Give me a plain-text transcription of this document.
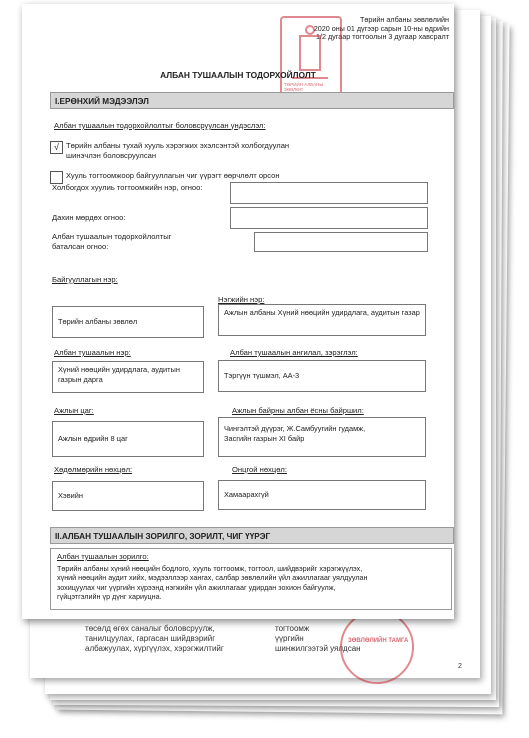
төсөлд өгөх саналыг боловсруулж,
танилцуулах, гаргасан шийдвэрийг
албажуулах, хүргүүлэх, хэрэгжилтийг
тогтоомж
үүргийн
шинжилгээтэй уялдсан
ЗӨВЛӨЛИЙН ТАМГА
2
Төрийн албаны зөвлөлийн
2020 оны 01 дүгээр сарын 10-ны өдрийн
1/2 дугаар тогтоолын 3 дугаар хавсралт
ТӨРИЙН АЛБАНЫ ЗӨВЛӨЛ
АЛБАН ТУШААЛЫН ТОДОРХОЙЛОЛТ
I.ЕРӨНХИЙ МЭДЭЭЛЭЛ
Албан тушаалын тодорхойлолтыг боловсруулсан үндэслэл:
√ Төрийн албаны тухай хууль хэрэгжих эхэлсэнтэй холбогдуулан
шинэчлэн боловсруулсан
Хууль тогтоомжоор байгууллагын чиг үүрэгт өөрчлөлт орсон
Холбогдох хуулиь тогтоомжийн нэр, огноо:
Дахин мөрдөх огноо:
Албан тушаалын тодорхойлолтыг
баталсан огноо:
Байгууллагын нэр:
Төрийн албаны зөвлөл
Нэгжийн нэр:
Ажлын албаны Хүний нөөцийн удирдлага, аудитын газар
Албан тушаалын нэр:
Хүний нөөцийн удирдлага, аудитын газрын дарга
Албан тушаалын ангилал, зэрэглэл:
Тэргүүн түшмэл, АА-3
Ажлын цаг:
Ажлын өдрийн 8 цаг
Ажлын байрны албан ёсны байршил:
Чингэлтэй дүүрэг, Ж.Самбуугийн гудамж,
Засгийн газрын XI байр
Хөдөлмөрийн нөхцөл:
Хэвийн
Онцгой нөхцөл:
Хамаарахгүй
II.АЛБАН ТУШААЛЫН ЗОРИЛГО, ЗОРИЛТ, ЧИГ ҮҮРЭГ
Албан тушаалын зорилго:
Төрийн албаны хүний нөөцийн бодлого, хууль тогтоомж, тогтоол, шийдвэрийг хэрэгжүүлэх,
хүний нөөцийн аудит хийх, мэдээллээр хангах, салбар зөвлөлийн үйл ажиллагааг уялдуулан
зохицуулах чиг үүргийн хүрээнд нэгжийн үйл ажиллагааг удирдан зохион байгуулж,
гүйцэтгэлийн үр дүнг хариуцна.
